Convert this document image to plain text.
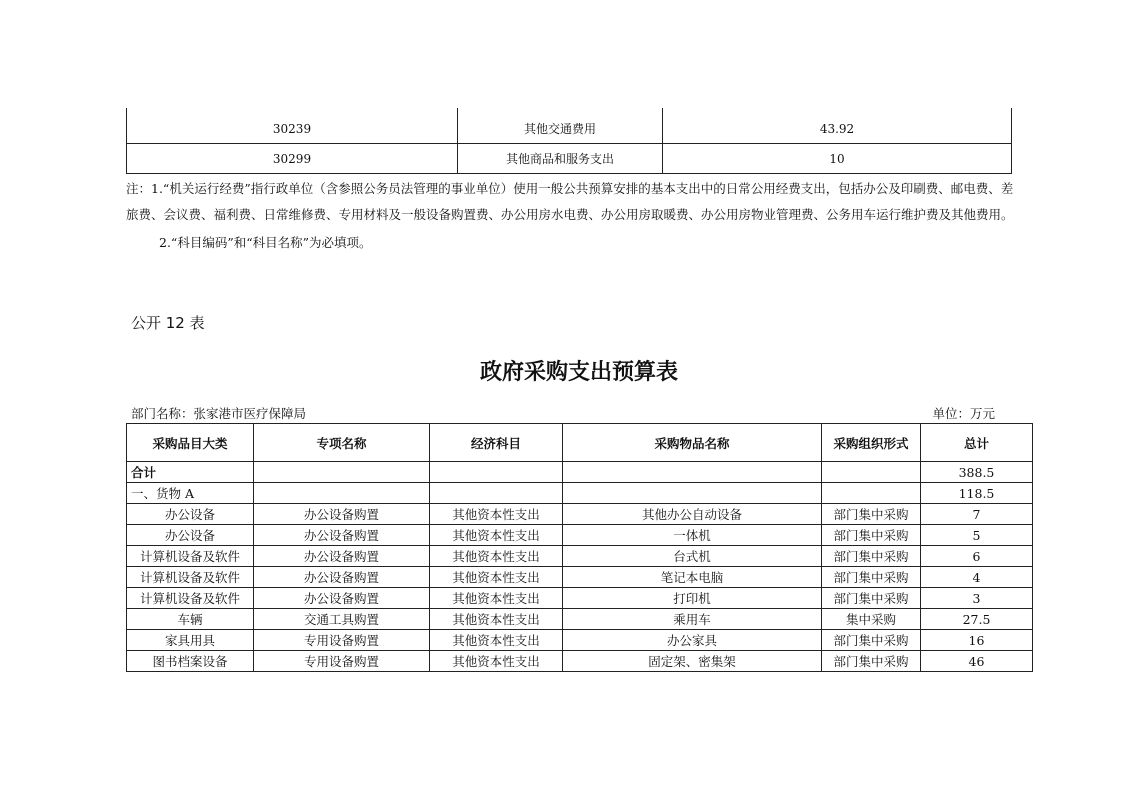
30239	其他交通费用	43.92
30299	其他商品和服务支出	10

注：1.“机关运行经费”指行政单位（含参照公务员法管理的事业单位）使用一般公共预算安排的基本支出中的日常公用经费支出，包括办公及印刷费、邮电费、差旅费、会议费、福利费、日常维修费、专用材料及一般设备购置费、办公用房水电费、办公用房取暖费、办公用房物业管理费、公务用车运行维护费及其他费用。

2.“科目编码”和“科目名称”为必填项。

公开 12 表
政府采购支出预算表
部门名称：张家港市医疗保障局	单位：万元
采购品目大类	专项名称	经济科目	采购物品名称	采购组织形式	总计
合计					388.5
一、货物 A					118.5
办公设备	办公设备购置	其他资本性支出	其他办公自动设备	部门集中采购	7
办公设备	办公设备购置	其他资本性支出	一体机	部门集中采购	5
计算机设备及软件	办公设备购置	其他资本性支出	台式机	部门集中采购	6
计算机设备及软件	办公设备购置	其他资本性支出	笔记本电脑	部门集中采购	4
计算机设备及软件	办公设备购置	其他资本性支出	打印机	部门集中采购	3
车辆	交通工具购置	其他资本性支出	乘用车	集中采购	27.5
家具用具	专用设备购置	其他资本性支出	办公家具	部门集中采购	16
图书档案设备	专用设备购置	其他资本性支出	固定架、密集架	部门集中采购	46
